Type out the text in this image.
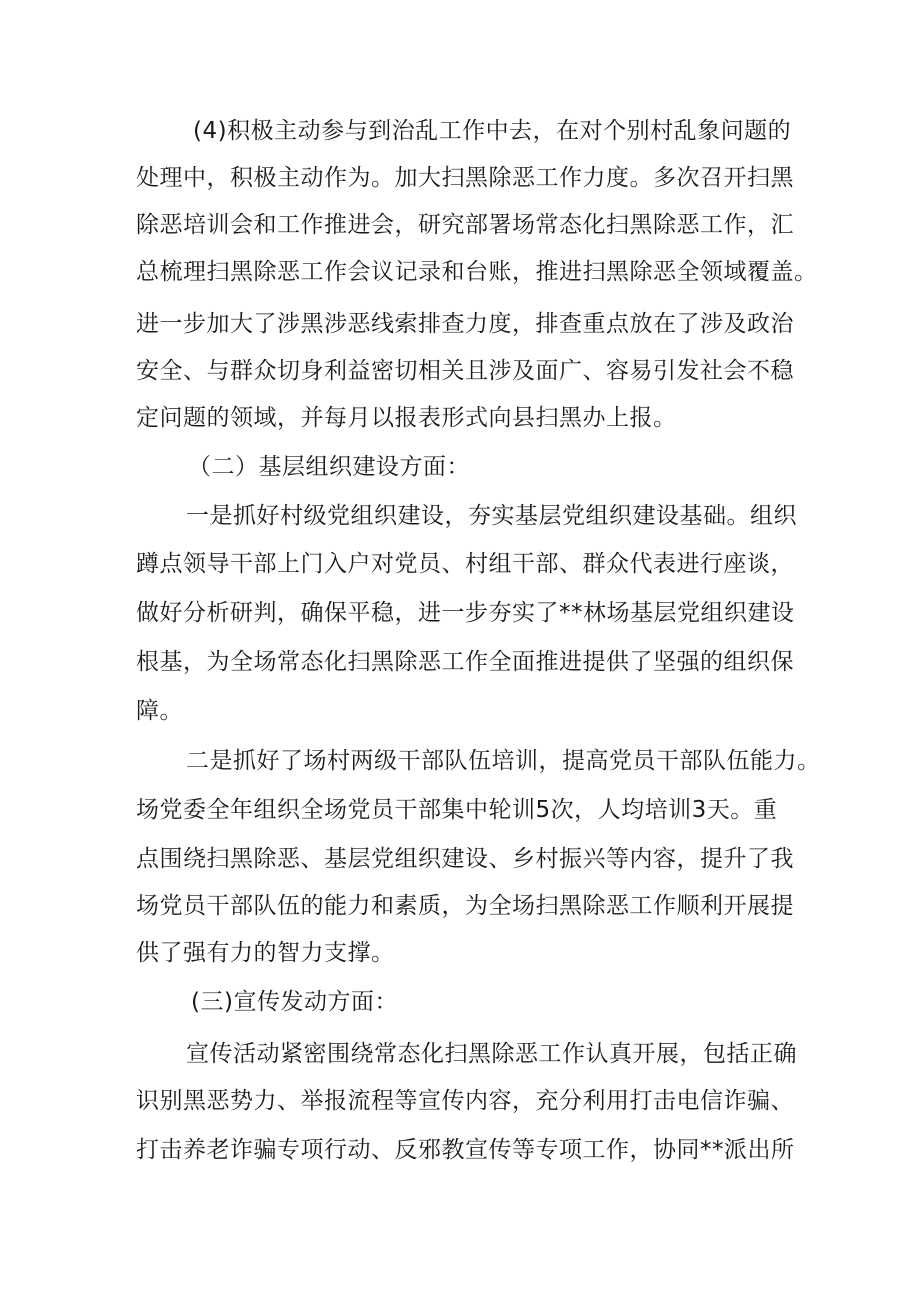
(4)积极主动参与到治乱工作中去，在对个别村乱象问题的
处理中，积极主动作为。加大扫黑除恶工作力度。多次召开扫黑
除恶培训会和工作推进会，研究部署场常态化扫黑除恶工作，汇
总梳理扫黑除恶工作会议记录和台账，推进扫黑除恶全领域覆盖。
进一步加大了涉黑涉恶线索排查力度，排查重点放在了涉及政治
安全、与群众切身利益密切相关且涉及面广、容易引发社会不稳
定问题的领域，并每月以报表形式向县扫黑办上报。
（二）基层组织建设方面：
一是抓好村级党组织建设，夯实基层党组织建设基础。组织
蹲点领导干部上门入户对党员、村组干部、群众代表进行座谈，
做好分析研判，确保平稳，进一步夯实了**林场基层党组织建设
根基，为全场常态化扫黑除恶工作全面推进提供了坚强的组织保
障。
二是抓好了场村两级干部队伍培训，提高党员干部队伍能力。
场党委全年组织全场党员干部集中轮训5次，人均培训3天。重
点围绕扫黑除恶、基层党组织建设、乡村振兴等内容，提升了我
场党员干部队伍的能力和素质，为全场扫黑除恶工作顺利开展提
供了强有力的智力支撑。
(三)宣传发动方面：
宣传活动紧密围绕常态化扫黑除恶工作认真开展，包括正确
识别黑恶势力、举报流程等宣传内容，充分利用打击电信诈骗、
打击养老诈骗专项行动、反邪教宣传等专项工作，协同**派出所
